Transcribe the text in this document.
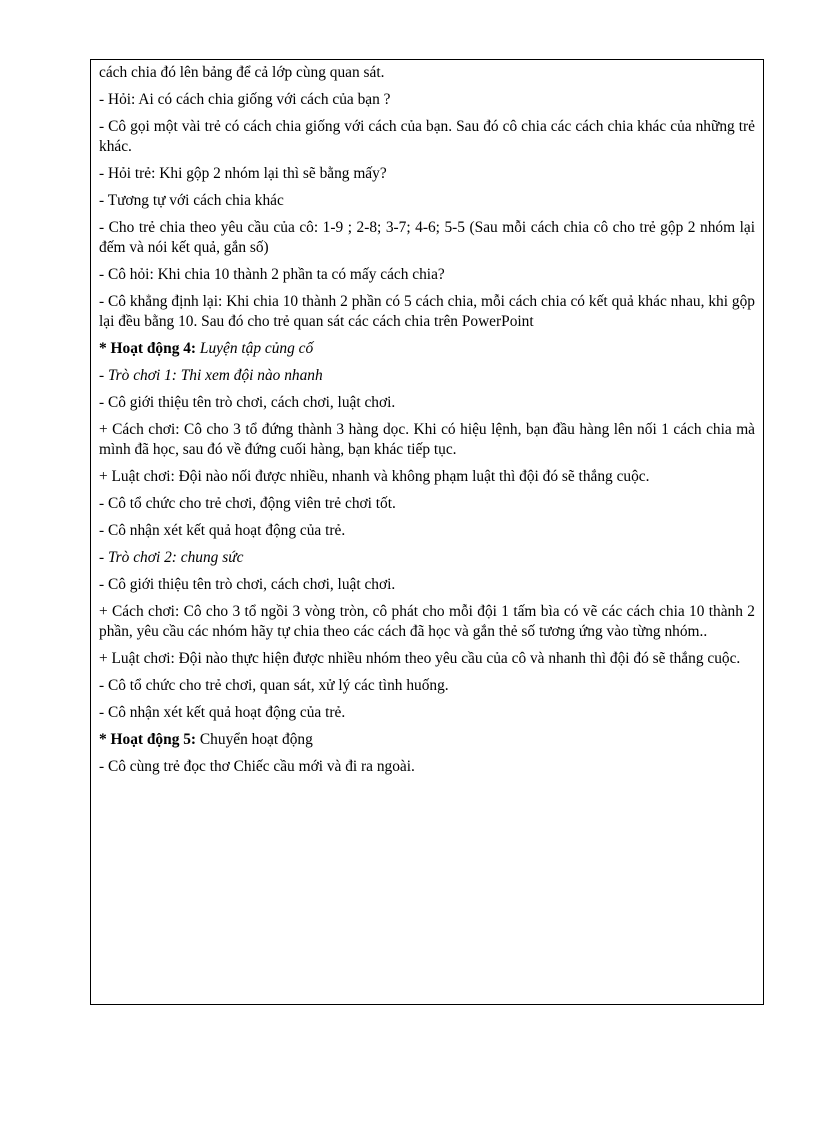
cách chia đó lên bảng để cả lớp cùng quan sát.

- Hỏi: Ai có cách chia giống với cách của bạn ?

- Cô gọi một vài trẻ có cách chia giống với cách của bạn. Sau đó cô chia các cách chia khác của những trẻ khác.

- Hỏi trẻ: Khi gộp 2 nhóm lại thì sẽ bằng mấy?

- Tương tự với cách chia khác

- Cho trẻ chia theo yêu cầu của cô: 1-9 ; 2-8; 3-7; 4-6; 5-5 (Sau mỗi cách chia cô cho trẻ gộp 2 nhóm lại đếm và nói kết quả, gắn số)

- Cô hỏi: Khi chia 10 thành 2 phần ta có mấy cách chia?

- Cô khẳng định lại: Khi chia 10 thành 2 phần có 5 cách chia, mỗi cách chia có kết quả khác nhau, khi gộp lại đều bằng 10. Sau đó cho trẻ quan sát các cách chia trên PowerPoint

* Hoạt động 4: Luyện tập củng cố

- Trò chơi 1: Thi xem đội nào nhanh

- Cô giới thiệu tên trò chơi, cách chơi, luật chơi.

+ Cách chơi: Cô cho 3 tổ đứng thành 3 hàng dọc. Khi có hiệu lệnh, bạn đầu hàng lên nối 1 cách chia mà mình đã học, sau đó về đứng cuối hàng, bạn khác tiếp tục.

+ Luật chơi: Đội nào nối được nhiều, nhanh và không phạm luật thì đội đó sẽ thắng cuộc.

- Cô tổ chức cho trẻ chơi, động viên trẻ chơi tốt.

- Cô nhận xét kết quả hoạt động của trẻ.

- Trò chơi 2: chung sức

- Cô giới thiệu tên trò chơi, cách chơi, luật chơi.

+ Cách chơi: Cô cho 3 tổ ngồi 3 vòng tròn, cô phát cho mỗi đội 1 tấm bìa có vẽ các cách chia 10 thành 2 phần, yêu cầu các nhóm hãy tự chia theo các cách đã học và gắn thẻ số tương ứng vào từng nhóm..

+ Luật chơi: Đội nào thực hiện được nhiều nhóm theo yêu cầu của cô và nhanh thì đội đó sẽ thắng cuộc.

- Cô tổ chức cho trẻ chơi, quan sát, xử lý các tình huống.

- Cô nhận xét kết quả hoạt động của trẻ.

* Hoạt động 5: Chuyển hoạt động

- Cô cùng trẻ đọc thơ Chiếc cầu mới và đi ra ngoài.
